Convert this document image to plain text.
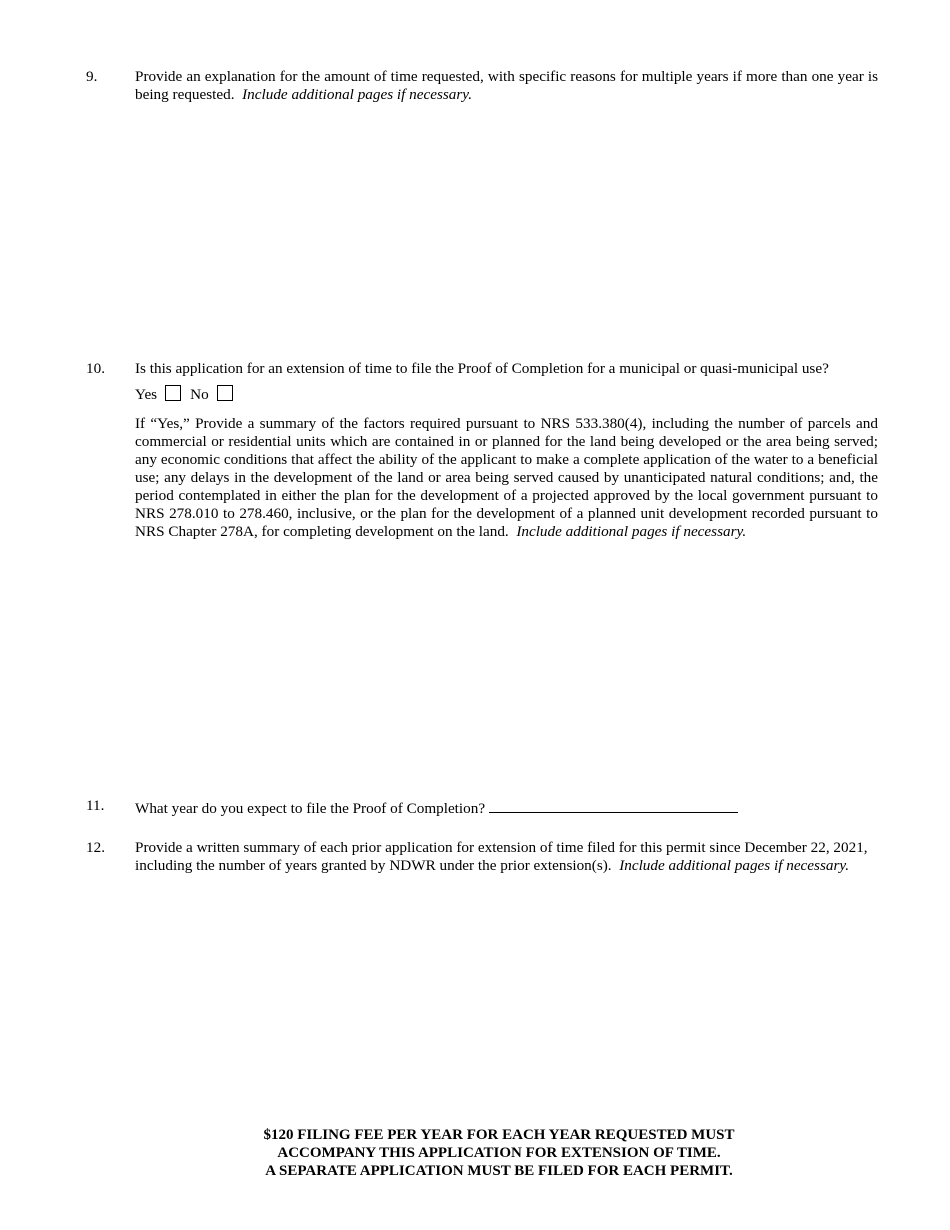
9. Provide an explanation for the amount of time requested, with specific reasons for multiple years if more than one year is being requested. Include additional pages if necessary.
10. Is this application for an extension of time to file the Proof of Completion for a municipal or quasi-municipal use?
Yes No
If “Yes,” Provide a summary of the factors required pursuant to NRS 533.380(4), including the number of parcels and commercial or residential units which are contained in or planned for the land being developed or the area being served; any economic conditions that affect the ability of the applicant to make a complete application of the water to a beneficial use; any delays in the development of the land or area being served caused by unanticipated natural conditions; and, the period contemplated in either the plan for the development of a projected approved by the local government pursuant to NRS 278.010 to 278.460, inclusive, or the plan for the development of a planned unit development recorded pursuant to NRS Chapter 278A, for completing development on the land. Include additional pages if necessary.
11. What year do you expect to file the Proof of Completion?
12. Provide a written summary of each prior application for extension of time filed for this permit since December 22, 2021, including the number of years granted by NDWR under the prior extension(s). Include additional pages if necessary.
$120 FILING FEE PER YEAR FOR EACH YEAR REQUESTED MUST
ACCOMPANY THIS APPLICATION FOR EXTENSION OF TIME.
A SEPARATE APPLICATION MUST BE FILED FOR EACH PERMIT.
